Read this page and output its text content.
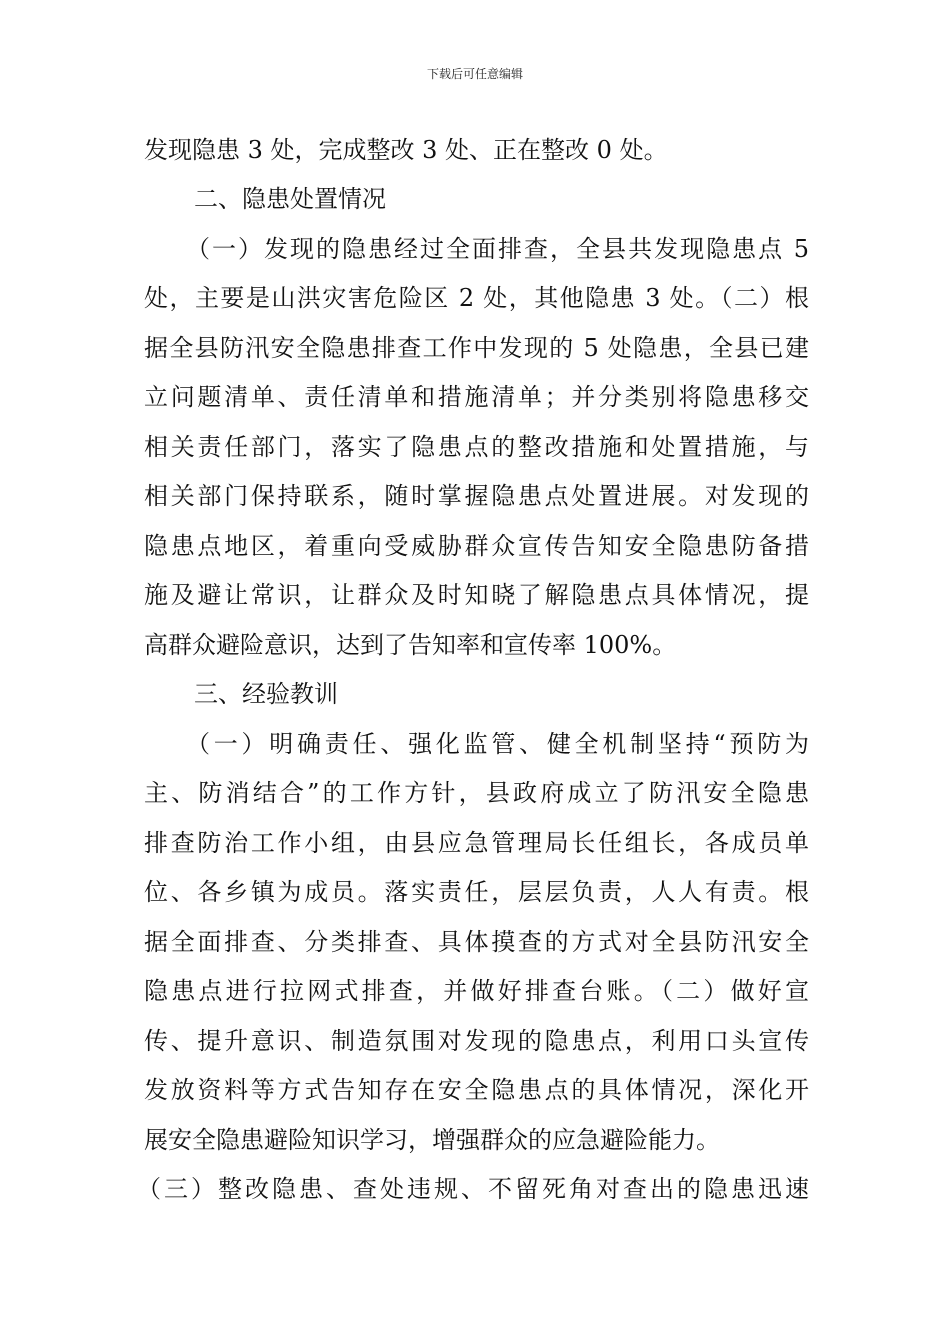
下载后可任意编辑
发现隐患 3 处，完成整改 3 处、正在整改 0 处。
二、隐患处置情况
（一）发现的隐患经过全面排查，全县共发现隐患点 5
处，主要是山洪灾害危险区 2 处，其他隐患 3 处。（二）根
据全县防汛安全隐患排查工作中发现的 5 处隐患，全县已建
立问题清单、责任清单和措施清单；并分类别将隐患移交
相关责任部门，落实了隐患点的整改措施和处置措施，与
相关部门保持联系，随时掌握隐患点处置进展。对发现的
隐患点地区，着重向受威胁群众宣传告知安全隐患防备措
施及避让常识，让群众及时知晓了解隐患点具体情况，提
高群众避险意识，达到了告知率和宣传率 100%。
三、经验教训
（一）明确责任、强化监管、健全机制坚持“预防为
主、防消结合”的工作方针，县政府成立了防汛安全隐患
排查防治工作小组，由县应急管理局长任组长，各成员单
位、各乡镇为成员。落实责任，层层负责，人人有责。根
据全面排查、分类排查、具体摸查的方式对全县防汛安全
隐患点进行拉网式排查，并做好排查台账。（二）做好宣
传、提升意识、制造氛围对发现的隐患点，利用口头宣传
发放资料等方式告知存在安全隐患点的具体情况，深化开
展安全隐患避险知识学习，增强群众的应急避险能力。
（三）整改隐患、查处违规、不留死角对查出的隐患迅速
